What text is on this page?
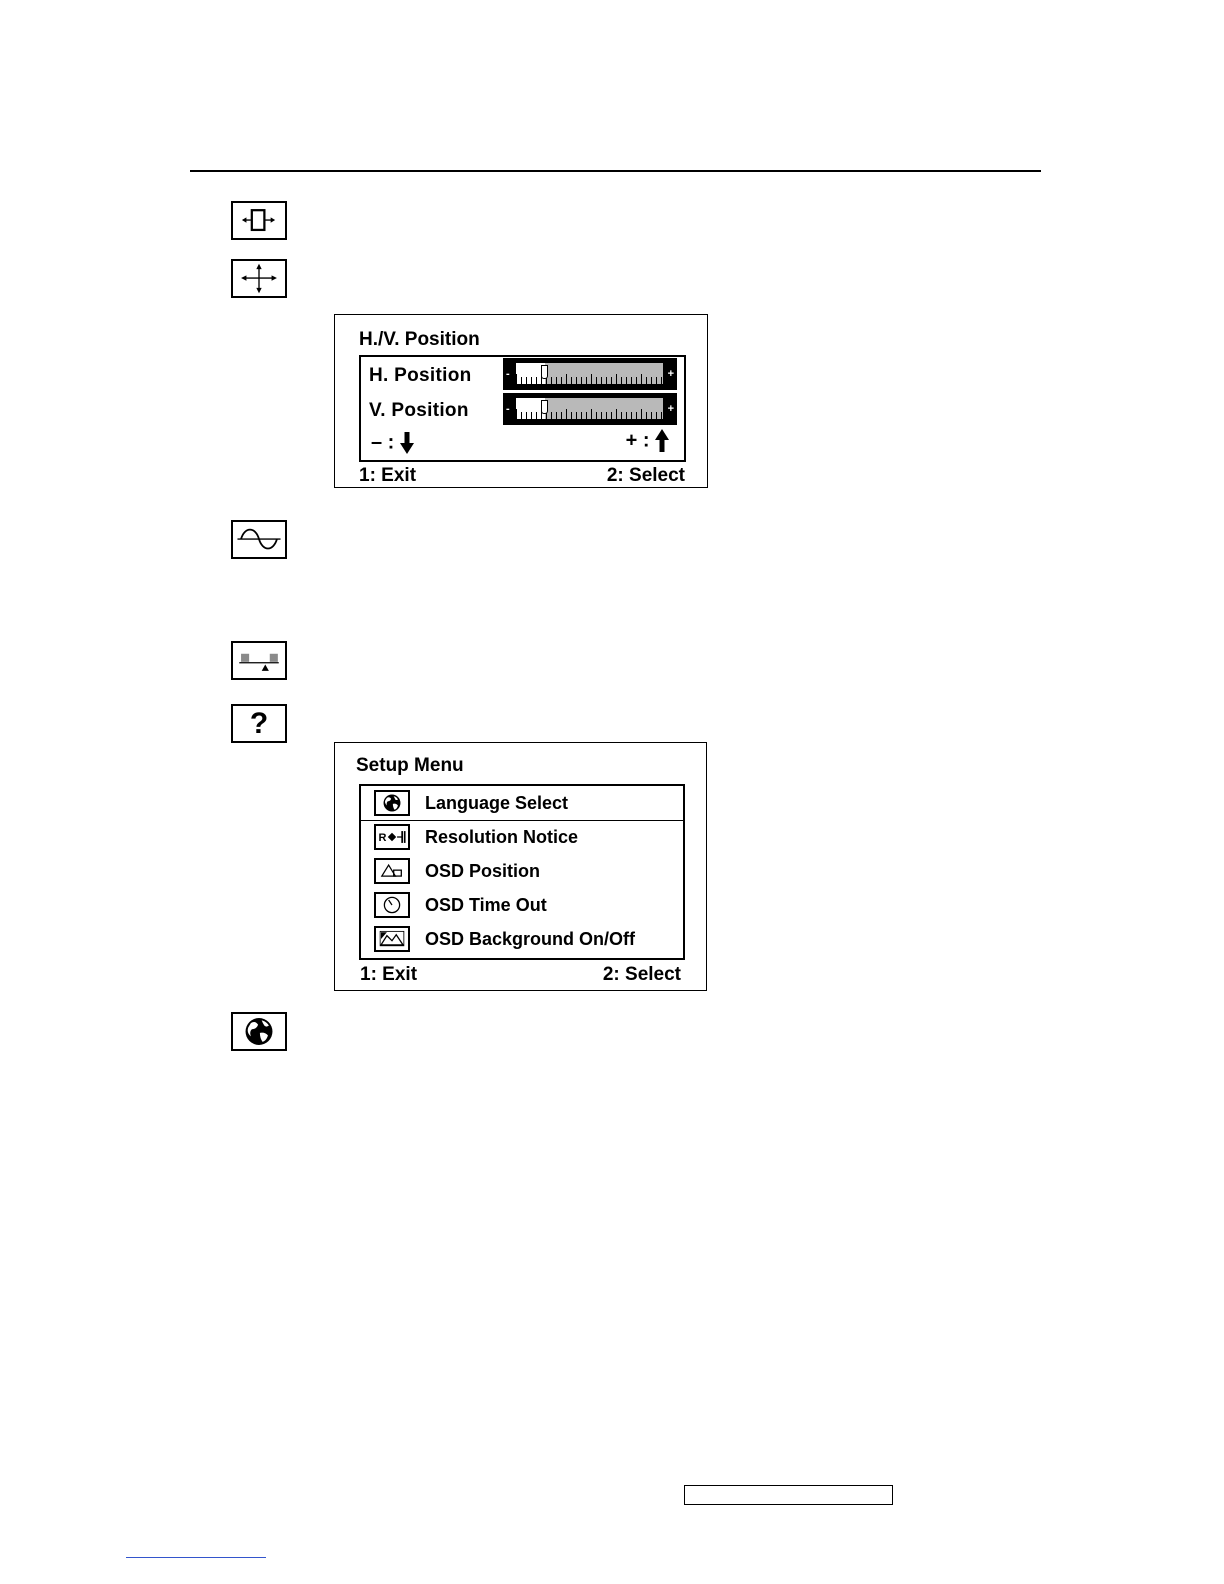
H./V. Position
H. Position	-	+
V. Position	-	+
– :	+ :
1: Exit	2: Select
?
Setup Menu
Language Select
R Resolution Notice
OSD Position
OSD Time Out
OSD Background On/Off
1: Exit	2: Select
